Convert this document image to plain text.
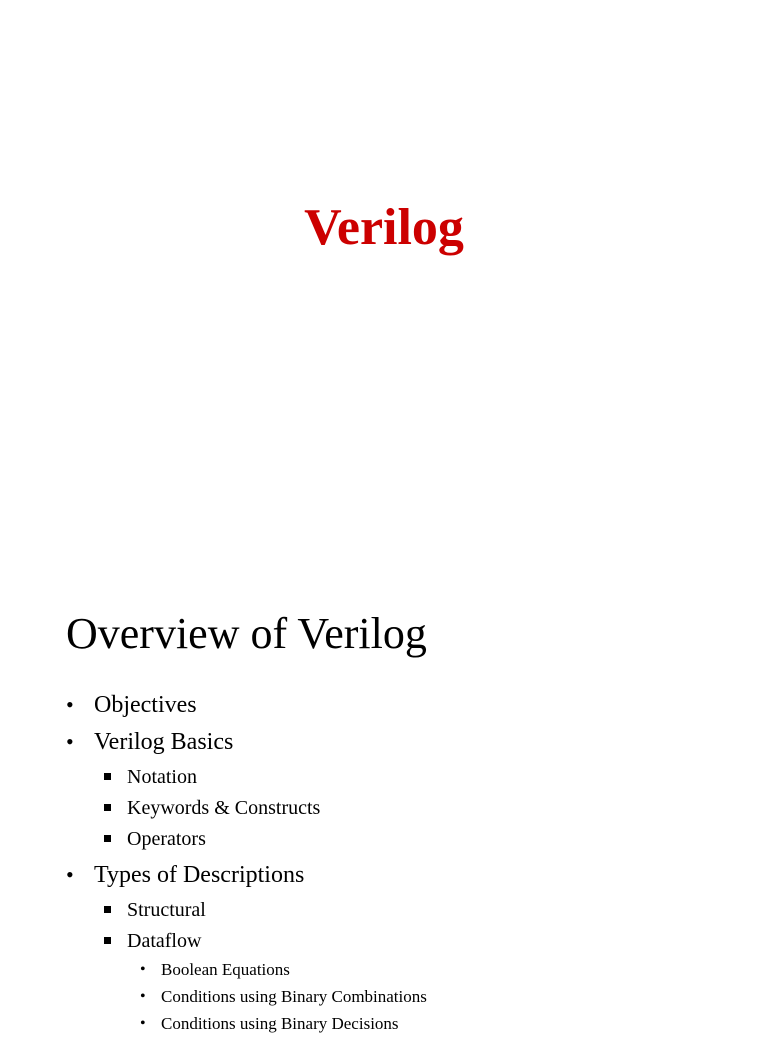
Verilog
Overview of Verilog
• Objectives
• Verilog Basics
Notation
Keywords & Constructs
Operators
• Types of Descriptions
Structural
Dataflow
• Boolean Equations
• Conditions using Binary Combinations
• Conditions using Binary Decisions
